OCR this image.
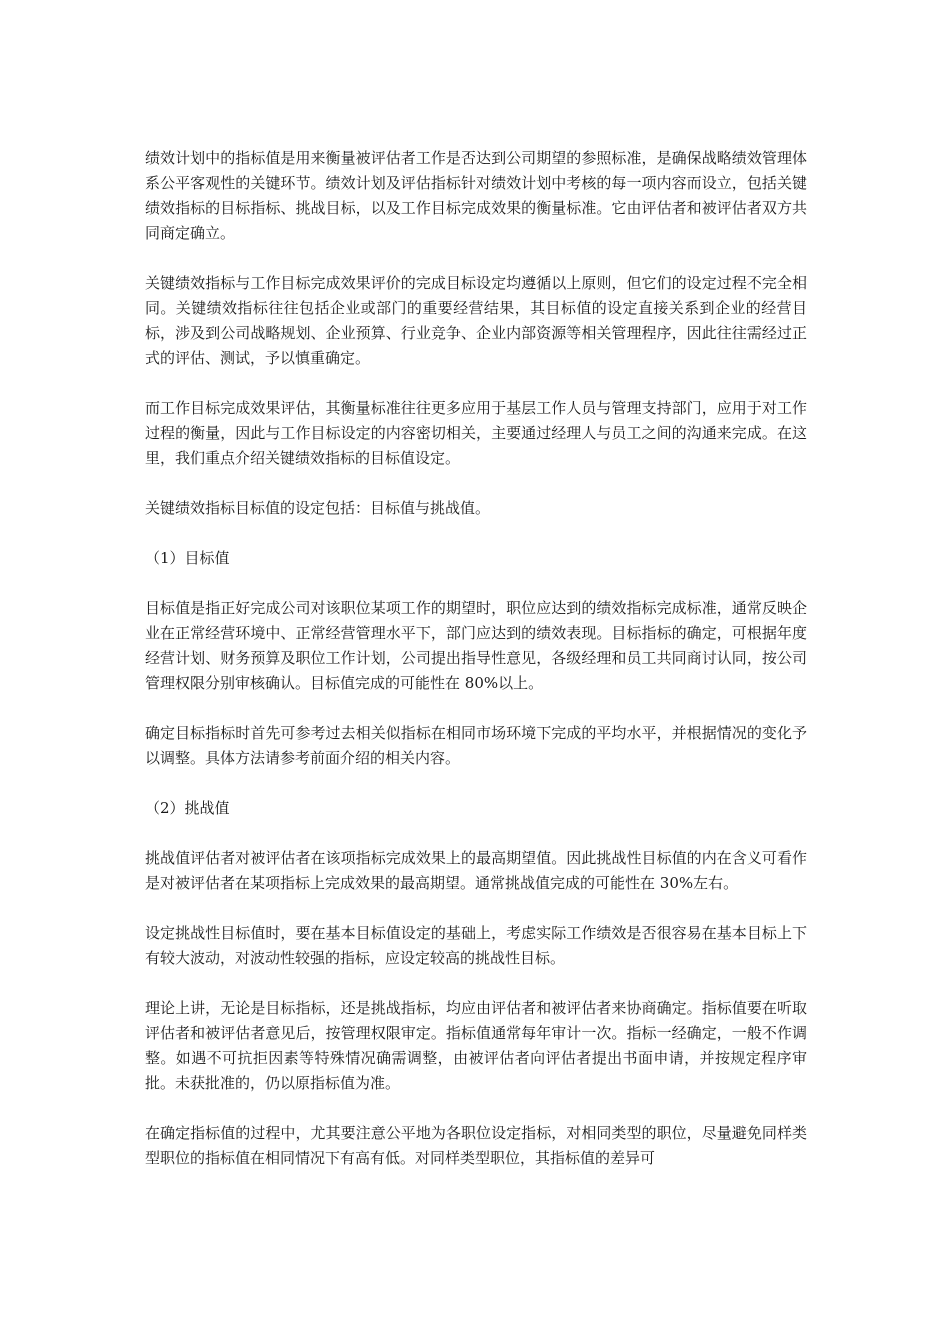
绩效计划中的指标值是用来衡量被评估者工作是否达到公司期望的参照标准，是确保战略绩效管理体系公平客观性的关键环节。绩效计划及评估指标针对绩效计划中考核的每一项内容而设立，包括关键绩效指标的目标指标、挑战目标，以及工作目标完成效果的衡量标准。它由评估者和被评估者双方共同商定确立。

关键绩效指标与工作目标完成效果评价的完成目标设定均遵循以上原则，但它们的设定过程不完全相同。关键绩效指标往往包括企业或部门的重要经营结果，其目标值的设定直接关系到企业的经营目标，涉及到公司战略规划、企业预算、行业竞争、企业内部资源等相关管理程序，因此往往需经过正式的评估、测试，予以慎重确定。

而工作目标完成效果评估，其衡量标准往往更多应用于基层工作人员与管理支持部门，应用于对工作过程的衡量，因此与工作目标设定的内容密切相关，主要通过经理人与员工之间的沟通来完成。在这里，我们重点介绍关键绩效指标的目标值设定。

关键绩效指标目标值的设定包括：目标值与挑战值。

（1）目标值

目标值是指正好完成公司对该职位某项工作的期望时，职位应达到的绩效指标完成标准，通常反映企业在正常经营环境中、正常经营管理水平下，部门应达到的绩效表现。目标指标的确定，可根据年度经营计划、财务预算及职位工作计划，公司提出指导性意见，各级经理和员工共同商讨认同，按公司管理权限分别审核确认。目标值完成的可能性在 80%以上。

确定目标指标时首先可参考过去相关似指标在相同市场环境下完成的平均水平，并根据情况的变化予以调整。具体方法请参考前面介绍的相关内容。

（2）挑战值

挑战值评估者对被评估者在该项指标完成效果上的最高期望值。因此挑战性目标值的内在含义可看作是对被评估者在某项指标上完成效果的最高期望。通常挑战值完成的可能性在 30%左右。

设定挑战性目标值时，要在基本目标值设定的基础上，考虑实际工作绩效是否很容易在基本目标上下有较大波动，对波动性较强的指标，应设定较高的挑战性目标。

理论上讲，无论是目标指标，还是挑战指标，均应由评估者和被评估者来协商确定。指标值要在听取评估者和被评估者意见后，按管理权限审定。指标值通常每年审计一次。指标一经确定，一般不作调整。如遇不可抗拒因素等特殊情况确需调整，由被评估者向评估者提出书面申请，并按规定程序审批。未获批准的，仍以原指标值为准。

在确定指标值的过程中，尤其要注意公平地为各职位设定指标，对相同类型的职位，尽量避免同样类型职位的指标值在相同情况下有高有低。对同样类型职位，其指标值的差异可
